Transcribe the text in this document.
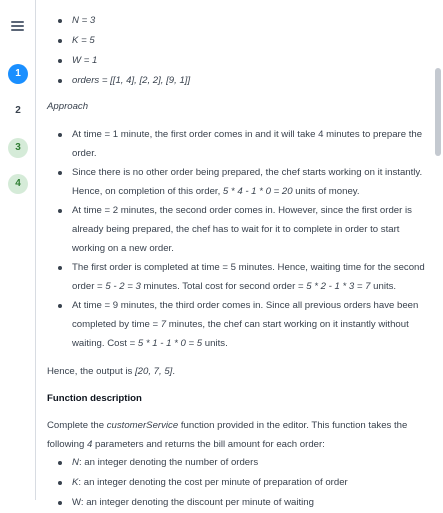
1
2
3
4
N = 3
K = 5
W = 1
orders = [[1, 4], [2, 2], [9, 1]]
Approach
At time = 1 minute, the first order comes in and it will take 4 minutes to prepare the order.
Since there is no other order being prepared, the chef starts working on it instantly. Hence, on completion of this order, 5 * 4 - 1 * 0 = 20 units of money.
At time = 2 minutes, the second order comes in. However, since the first order is already being prepared, the chef has to wait for it to complete in order to start working on a new order.
The first order is completed at time = 5 minutes. Hence, waiting time for the second order = 5 - 2 = 3 minutes. Total cost for second order = 5 * 2 - 1 * 3 = 7 units.
At time = 9 minutes, the third order comes in. Since all previous orders have been completed by time = 7 minutes, the chef can start working on it instantly without waiting. Cost = 5 * 1 - 1 * 0 = 5 units.
Hence, the output is [20, 7, 5].
Function description
Complete the customerService function provided in the editor. This function takes the following 4 parameters and returns the bill amount for each order:
N: an integer denoting the number of orders
K: an integer denoting the cost per minute of preparation of order
W: an integer denoting the discount per minute of waiting
